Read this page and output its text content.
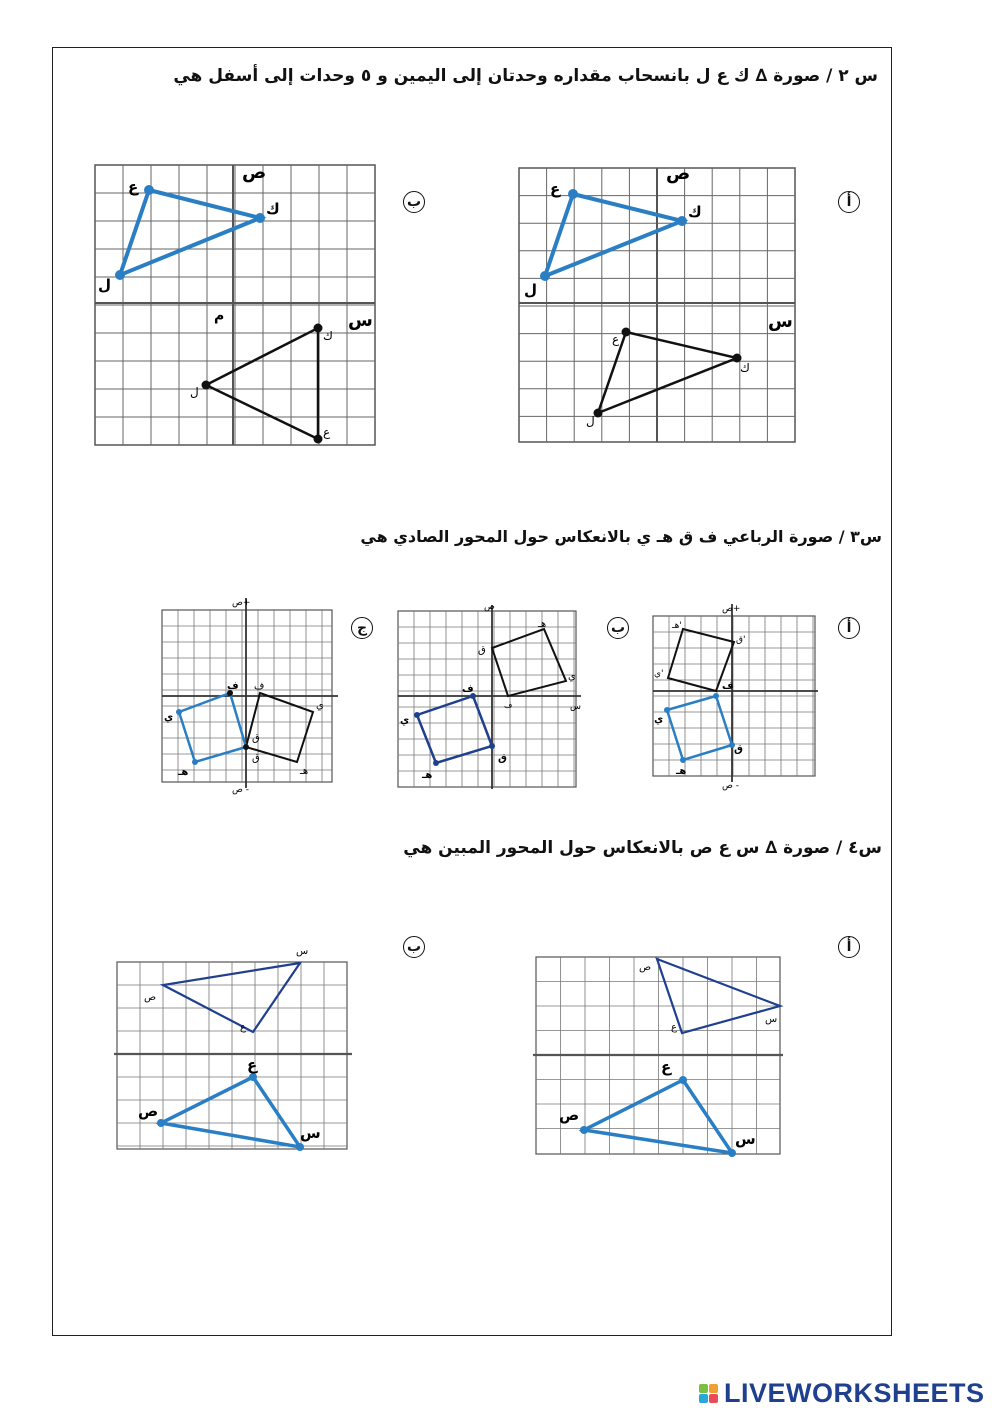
س ٢ / صورة ∆ ك ع ل بانسحاب مقداره وحدتان إلى اليمين و ٥ وحدات إلى أسفل هي
ب	أ
ع
ك
ل
ص
س
م
ك
ع
ل
ع
ك
ل
ص
س
ع
ك
ل
س٣ / صورة الرباعي ف ق هـ ي بالانعكاس حول المحور الصادي هي
ج	ب	أ
ص+
ص -
ف ف
ي
ي
ق
ق
هـ	هـ
ص
س
ق
هـ
ي
ف
ف
ي
ق
هـ
ص+
ص -
هـ'
ق'
ي'
ف
ي
ق
هـ
س٤ / صورة ∆ س ع ص بالانعكاس حول المحور المبين هي
ب	أ
س
ص
ع
ع
ص
س
ص
س
ع
ع
ص
س
LIVEWORKSHEETS
